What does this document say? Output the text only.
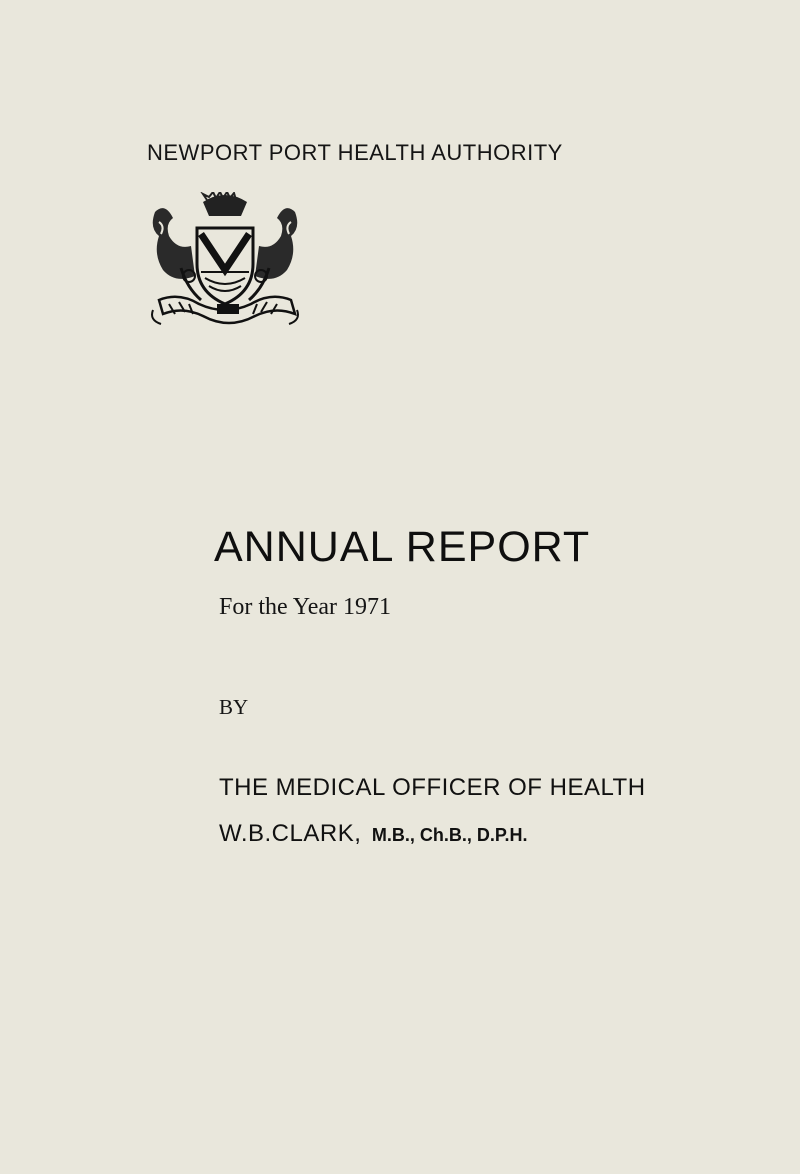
NEWPORT PORT HEALTH AUTHORITY
ANNUAL REPORT
For the Year 1971
BY
THE MEDICAL OFFICER OF HEALTH
W.B.CLARK, M.B., Ch.B., D.P.H.
